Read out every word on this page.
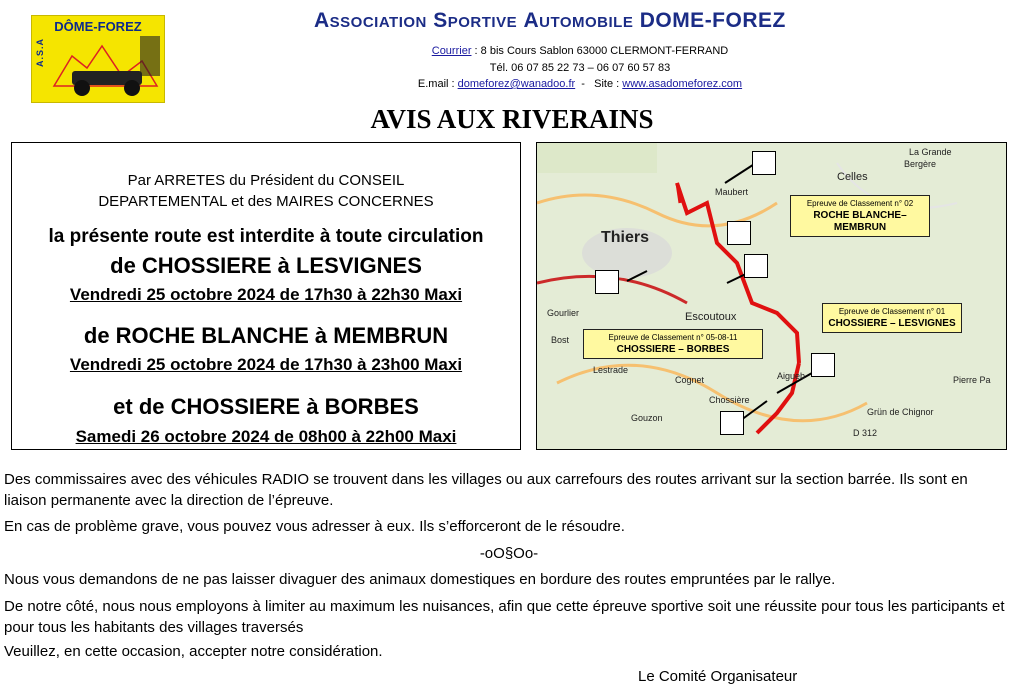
DÔME-FOREZ
A.S.A
Association Sportive Automobile DOME-FOREZ
Courrier : 8 bis Cours Sablon 63000 CLERMONT-FERRAND
Tél. 06 07 85 22 73 – 06 07 60 57 83
E.mail : domeforez@wanadoo.fr  -   Site : www.asadomeforez.com
AVIS AUX RIVERAINS
Par ARRETES du Président du CONSEIL
DEPARTEMENTAL et des MAIRES CONCERNES
la présente route est interdite à toute circulation
de CHOSSIERE à LESVIGNES
Vendredi 25 octobre 2024 de 17h30 à 22h30 Maxi
de ROCHE BLANCHE à MEMBRUN
Vendredi 25 octobre 2024 de 17h30 à 23h00 Maxi
et de CHOSSIERE à BORBES
Samedi 26 octobre 2024 de 08h00 à 22h00 Maxi
Epreuve de Classement n° 02
ROCHE BLANCHE– MEMBRUN
Epreuve de Classement n° 01
CHOSSIERE – LESVIGNES
Epreuve de Classement n° 05-08-11
CHOSSIERE – BORBES
Thiers
Celles
Escoutoux
Maubert
La Grande
Bergère
Cognet
Chossière
Gouzon
Aigueb
Lestrade
Gourlier
Bost
Pierre Pa
Grün de Chignor
D 312
Des commissaires avec des véhicules RADIO se trouvent dans les villages ou aux carrefours des routes arrivant sur la section barrée. Ils sont en liaison permanente avec la direction de l’épreuve.
En cas de problème grave, vous pouvez vous adresser à eux. Ils s’efforceront de le résoudre.
-oO§Oo-
Nous vous demandons de ne pas laisser divaguer des animaux domestiques en bordure des routes empruntées par le rallye.
De notre côté, nous nous employons à limiter au maximum les nuisances, afin que cette épreuve sportive soit une réussite pour tous les participants et pour tous les habitants des villages traversés
Veuillez, en cette occasion, accepter notre considération.
Le Comité Organisateur
